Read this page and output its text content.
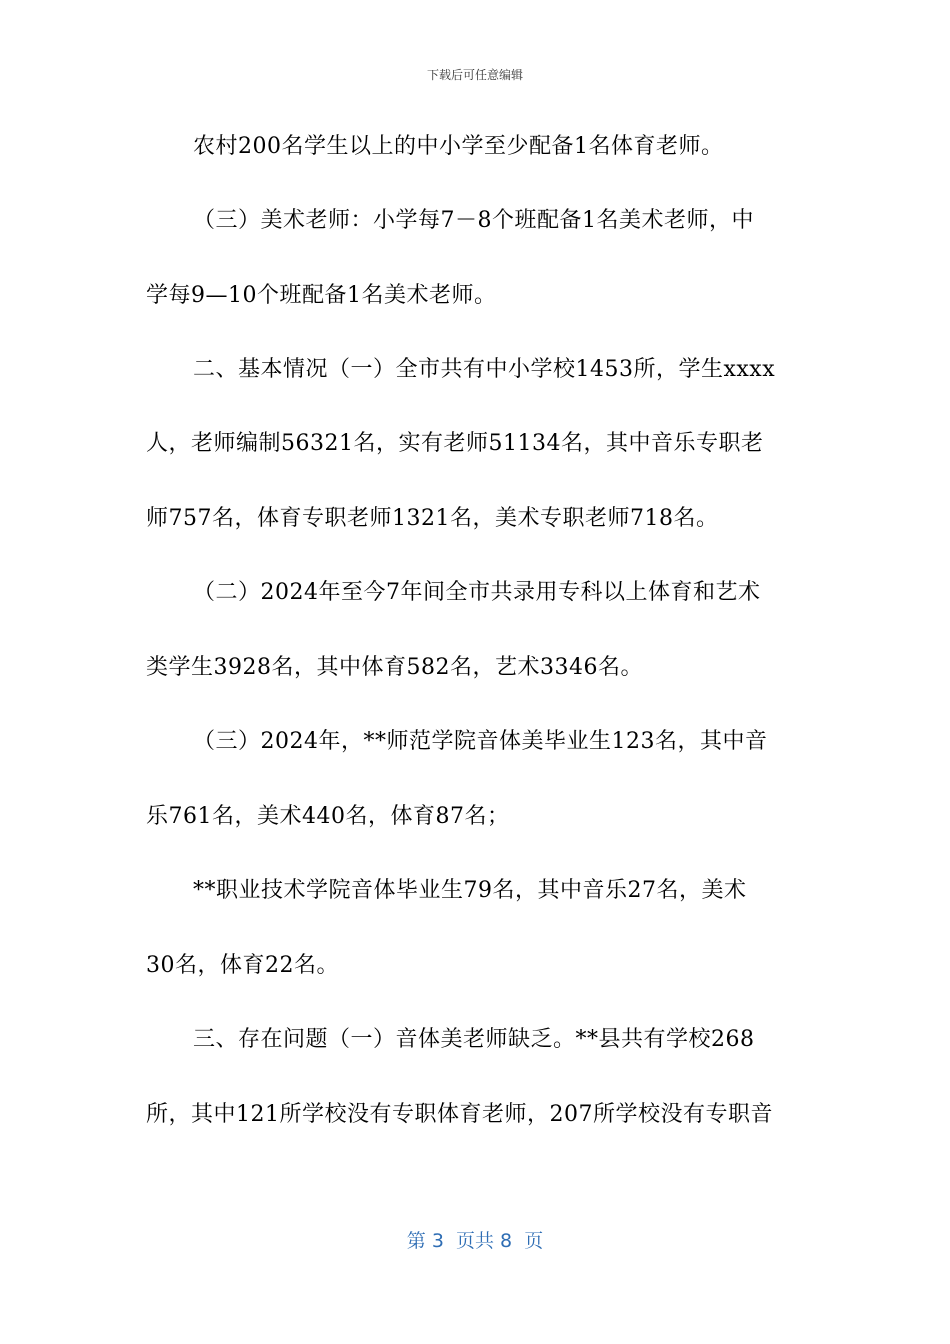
下载后可任意编辑
农村200名学生以上的中小学至少配备1名体育老师。
（三）美术老师：小学每7－8个班配备1名美术老师，中
学每9—10个班配备1名美术老师。
二、基本情况（一）全市共有中小学校1453所，学生xxxx
人，老师编制56321名，实有老师51134名，其中音乐专职老
师757名，体育专职老师1321名，美术专职老师718名。
（二）2024年至今7年间全市共录用专科以上体育和艺术
类学生3928名，其中体育582名，艺术3346名。
（三）2024年，**师范学院音体美毕业生123名，其中音
乐761名，美术440名，体育87名；
**职业技术学院音体毕业生79名，其中音乐27名，美术
30名，体育22名。
三、存在问题（一）音体美老师缺乏。**县共有学校268
所，其中121所学校没有专职体育老师，207所学校没有专职音
第 3  页共 8  页
